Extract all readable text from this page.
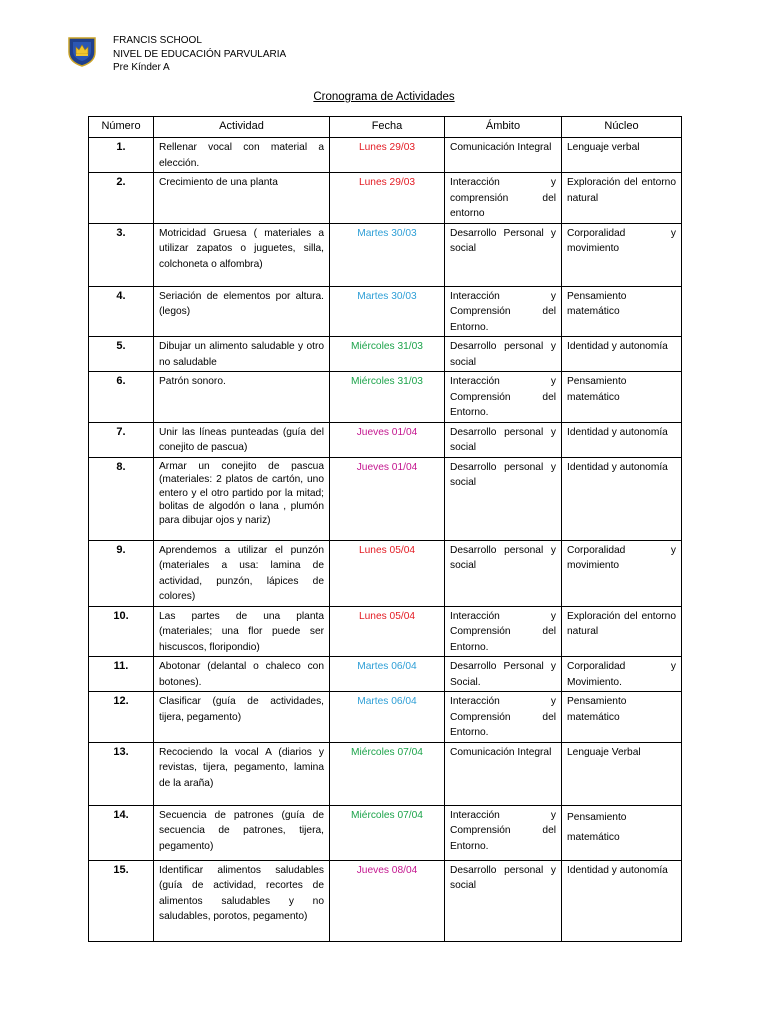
FRANCIS SCHOOL
NIVEL DE EDUCACIÓN PARVULARIA
Pre Kínder A
Cronograma de Actividades
Número	Actividad	Fecha	Ámbito	Núcleo
1.	Rellenar vocal con material a elección.	Lunes 29/03	Comunicación Integral	Lenguaje verbal
2.	Crecimiento de una planta	Lunes 29/03	Interacción y comprensión del entorno	Exploración del entorno natural
3.	Motricidad Gruesa ( materiales a utilizar zapatos o juguetes, silla, colchoneta o alfombra)	Martes 30/03	Desarrollo Personal y social	Corporalidad y movimiento
4.	Seriación de elementos por altura. (legos)	Martes 30/03	Interacción y Comprensión del Entorno.	Pensamiento matemático
5.	Dibujar un alimento saludable y otro no saludable	Miércoles 31/03	Desarrollo personal y social	Identidad y autonomía
6.	Patrón sonoro.	Miércoles 31/03	Interacción y Comprensión del Entorno.	Pensamiento matemático
7.	Unir las líneas punteadas (guía del conejito de pascua)	Jueves 01/04	Desarrollo personal y social	Identidad y autonomía
8.	Armar un conejito de pascua (materiales: 2 platos de cartón, uno entero y el otro partido por la mitad; bolitas de algodón o lana , plumón para dibujar ojos y nariz)	Jueves 01/04	Desarrollo personal y social	Identidad y autonomía
9.	Aprendemos a utilizar el punzón (materiales a usa: lamina de actividad, punzón, lápices de colores)	Lunes 05/04	Desarrollo personal y social	Corporalidad y movimiento
10.	Las partes de una planta (materiales; una flor puede ser hiscuscos, floripondio)	Lunes 05/04	Interacción y Comprensión del Entorno.	Exploración del entorno natural
11.	Abotonar (delantal o chaleco con botones).	Martes 06/04	Desarrollo Personal y Social.	Corporalidad y Movimiento.
12.	Clasificar (guía de actividades, tijera, pegamento)	Martes 06/04	Interacción y Comprensión del Entorno.	Pensamiento matemático
13.	Recociendo la vocal A (diarios y revistas, tijera, pegamento, lamina de la araña)	Miércoles 07/04	Comunicación Integral	Lenguaje Verbal
14.	Secuencia de patrones (guía de secuencia de patrones, tijera, pegamento)	Miércoles 07/04	Interacción y Comprensión del Entorno.	Pensamiento matemático
15.	Identificar alimentos saludables (guía de actividad, recortes de alimentos saludables y no saludables, porotos, pegamento)	Jueves 08/04	Desarrollo personal y social	Identidad y autonomía
